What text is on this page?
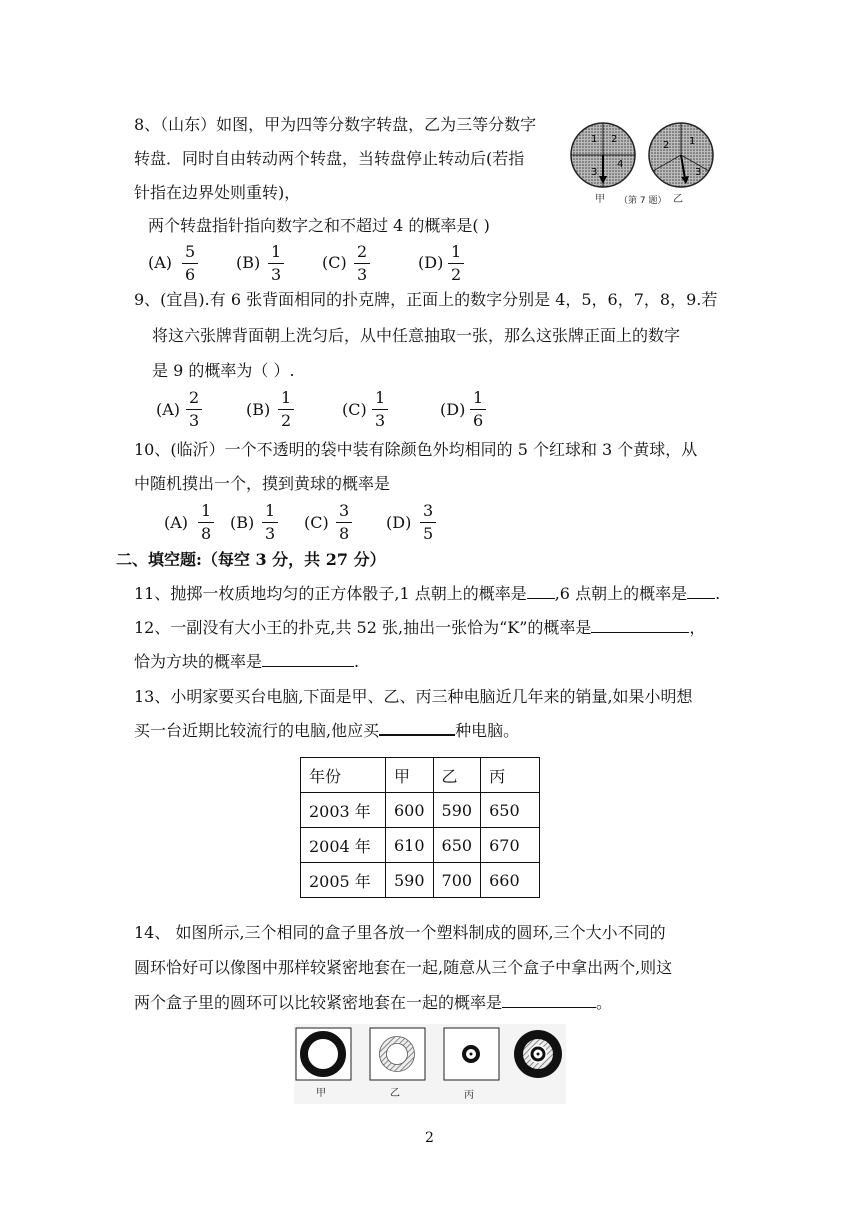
8、（山东）如图，甲为四等分数字转盘，乙为三等分数字
转盘．同时自由转动两个转盘，当转盘停止转动后(若指
针指在边界处则重转)，
两个转盘指针指向数字之和不超过 4 的概率是( )
1 2
3
4
1
2
3
甲 （第 7 题） 乙
$(A) \frac{5}{6} (B) \frac{1}{3} (C) \frac{2}{3}$	$(D) \frac{1}{2}$
9、(宜昌).有 6 张背面相同的扑克牌，正面上的数字分别是 4，5，6，7，8，9.若
将这六张牌背面朝上洗匀后，从中任意抽取一张，那么这张牌正面上的数字
是 9 的概率为（ ）.
$(A) \frac{2}{3}$	$(B) \frac{1}{2}$	$(C) \frac{1}{3}$	$(D) \frac{1}{6}$
10、(临沂）一个不透明的袋中装有除颜色外均相同的 5 个红球和 3 个黄球，从
中随机摸出一个，摸到黄球的概率是
$(A) \frac{1}{8} (B) \frac{1}{3} (C) \frac{3}{8} (D) \frac{3}{5}$
二、填空题:（每空 3 分，共 27 分）
11、抛掷一枚质地均匀的正方体骰子,1 点朝上的概率是 ,6 点朝上的概率是 .
12、一副没有大小王的扑克,共 52 张,抽出一张恰为“K”的概率是	，
恰为方块的概率是	.
13、小明家要买台电脑,下面是甲、乙、丙三种电脑近几年来的销量,如果小明想
买一台近期比较流行的电脑,他应买	种电脑。
年份	甲	乙	丙
2003 年	600	590	650
2004 年	610	650	670
2005 年	590	700	660
14、 如图所示,三个相同的盒子里各放一个塑料制成的圆环,三个大小不同的
圆环恰好可以像图中那样较紧密地套在一起,随意从三个盒子中拿出两个,则这
两个盒子里的圆环可以比较紧密地套在一起的概率是	。
甲	乙	丙
2
